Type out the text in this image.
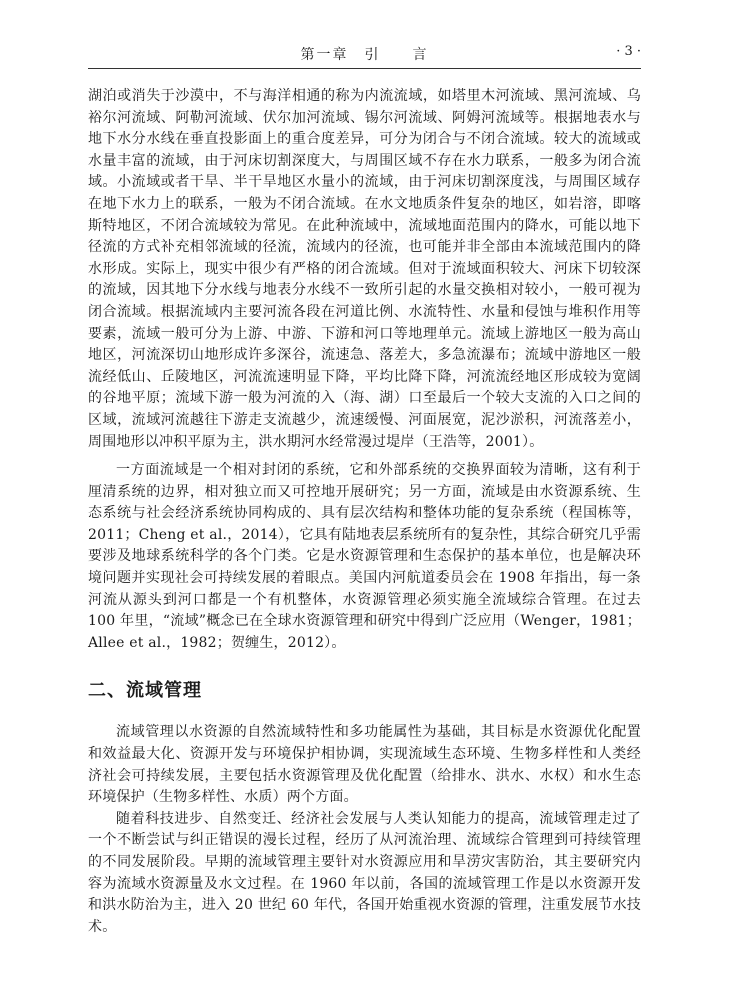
第一章　引　　言	· 3 ·

湖泊或消失于沙漠中，不与海洋相通的称为内流流域，如塔里木河流域、黑河流域、乌裕尔河流域、阿勒河流域、伏尔加河流域、锡尔河流域、阿姆河流域等。根据地表水与地下水分水线在垂直投影面上的重合度差异，可分为闭合与不闭合流域。较大的流域或水量丰富的流域，由于河床切割深度大，与周围区域不存在水力联系，一般多为闭合流域。小流域或者干旱、半干旱地区水量小的流域，由于河床切割深度浅，与周围区域存在地下水力上的联系，一般为不闭合流域。在水文地质条件复杂的地区，如岩溶，即喀斯特地区，不闭合流域较为常见。在此种流域中，流域地面范围内的降水，可能以地下径流的方式补充相邻流域的径流，流域内的径流，也可能并非全部由本流域范围内的降水形成。实际上，现实中很少有严格的闭合流域。但对于流域面积较大、河床下切较深的流域，因其地下分水线与地表分水线不一致所引起的水量交换相对较小，一般可视为闭合流域。根据流域内主要河流各段在河道比例、水流特性、水量和侵蚀与堆积作用等要素，流域一般可分为上游、中游、下游和河口等地理单元。流域上游地区一般为高山地区，河流深切山地形成许多深谷，流速急、落差大，多急流瀑布；流域中游地区一般流经低山、丘陵地区，河流流速明显下降，平均比降下降，河流流经地区形成较为宽阔的谷地平原；流域下游一般为河流的入（海、湖）口至最后一个较大支流的入口之间的区域，流域河流越往下游走支流越少，流速缓慢、河面展宽，泥沙淤积，河流落差小，周围地形以冲积平原为主，洪水期河水经常漫过堤岸（王浩等，2001）。

一方面流域是一个相对封闭的系统，它和外部系统的交换界面较为清晰，这有利于厘清系统的边界，相对独立而又可控地开展研究；另一方面，流域是由水资源系统、生态系统与社会经济系统协同构成的、具有层次结构和整体功能的复杂系统（程国栋等，2011；Cheng et al.，2014），它具有陆地表层系统所有的复杂性，其综合研究几乎需要涉及地球系统科学的各个门类。它是水资源管理和生态保护的基本单位，也是解决环境问题并实现社会可持续发展的着眼点。美国内河航道委员会在 1908 年指出，每一条河流从源头到河口都是一个有机整体，水资源管理必须实施全流域综合管理。在过去 100 年里，“流域”概念已在全球水资源管理和研究中得到广泛应用（Wenger，1981；Allee et al.，1982；贺缠生，2012）。

二、流域管理

流域管理以水资源的自然流域特性和多功能属性为基础，其目标是水资源优化配置和效益最大化、资源开发与环境保护相协调，实现流域生态环境、生物多样性和人类经济社会可持续发展，主要包括水资源管理及优化配置（给排水、洪水、水权）和水生态环境保护（生物多样性、水质）两个方面。

随着科技进步、自然变迁、经济社会发展与人类认知能力的提高，流域管理走过了一个不断尝试与纠正错误的漫长过程，经历了从河流治理、流域综合管理到可持续管理的不同发展阶段。早期的流域管理主要针对水资源应用和旱涝灾害防治，其主要研究内容为流域水资源量及水文过程。在 1960 年以前，各国的流域管理工作是以水资源开发和洪水防治为主，进入 20 世纪 60 年代，各国开始重视水资源的管理，注重发展节水技术。
